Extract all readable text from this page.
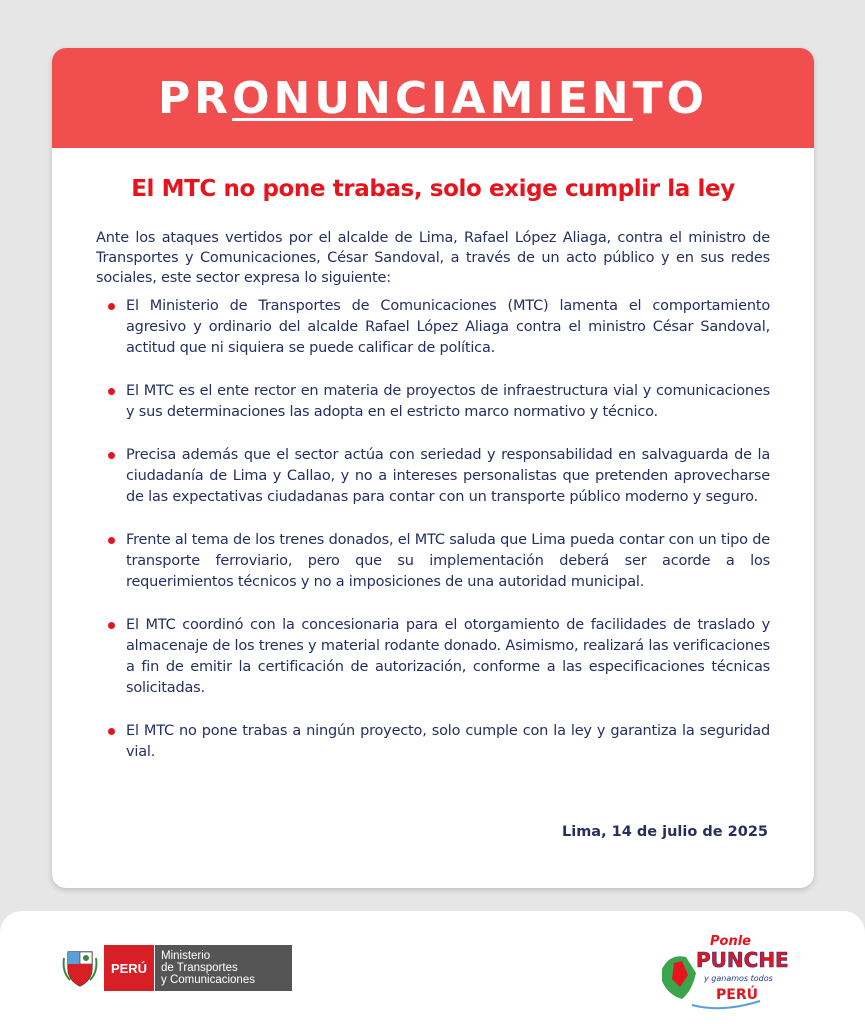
PRONUNCIAMIENTO
El MTC no pone trabas, solo exige cumplir la ley

Ante los ataques vertidos por el alcalde de Lima, Rafael López Aliaga, contra el ministro de Transportes y Comunicaciones, César Sandoval, a través de un acto público y en sus redes sociales, este sector expresa lo siguiente:

El Ministerio de Transportes de Comunicaciones (MTC) lamenta el comportamiento agresivo y ordinario del alcalde Rafael López Aliaga contra el ministro César Sandoval, actitud que ni siquiera se puede calificar de política.
El MTC es el ente rector en materia de proyectos de infraestructura vial y comunicaciones y sus determinaciones las adopta en el estricto marco normativo y técnico.
Precisa además que el sector actúa con seriedad y responsabilidad en salvaguarda de la ciudadanía de Lima y Callao, y no a intereses personalistas que pretenden aprovecharse de las expectativas ciudadanas para contar con un transporte público moderno y seguro.
Frente al tema de los trenes donados, el MTC saluda que Lima pueda contar con un tipo de transporte ferroviario, pero que su implementación deberá ser acorde a los requerimientos técnicos y no a imposiciones de una autoridad municipal.
El MTC coordinó con la concesionaria para el otorgamiento de facilidades de traslado y almacenaje de los trenes y material rodante donado. Asimismo, realizará las verificaciones a fin de emitir la certificación de autorización, conforme a las especificaciones técnicas solicitadas.
El MTC no pone trabas a ningún proyecto, solo cumple con la ley y garantiza la seguridad vial.
Lima, 14 de julio de 2025
PERÚ
Ministerio
de Transportes
y Comunicaciones
Ponle
PUNCHE
y ganamos todos
PERÚ
